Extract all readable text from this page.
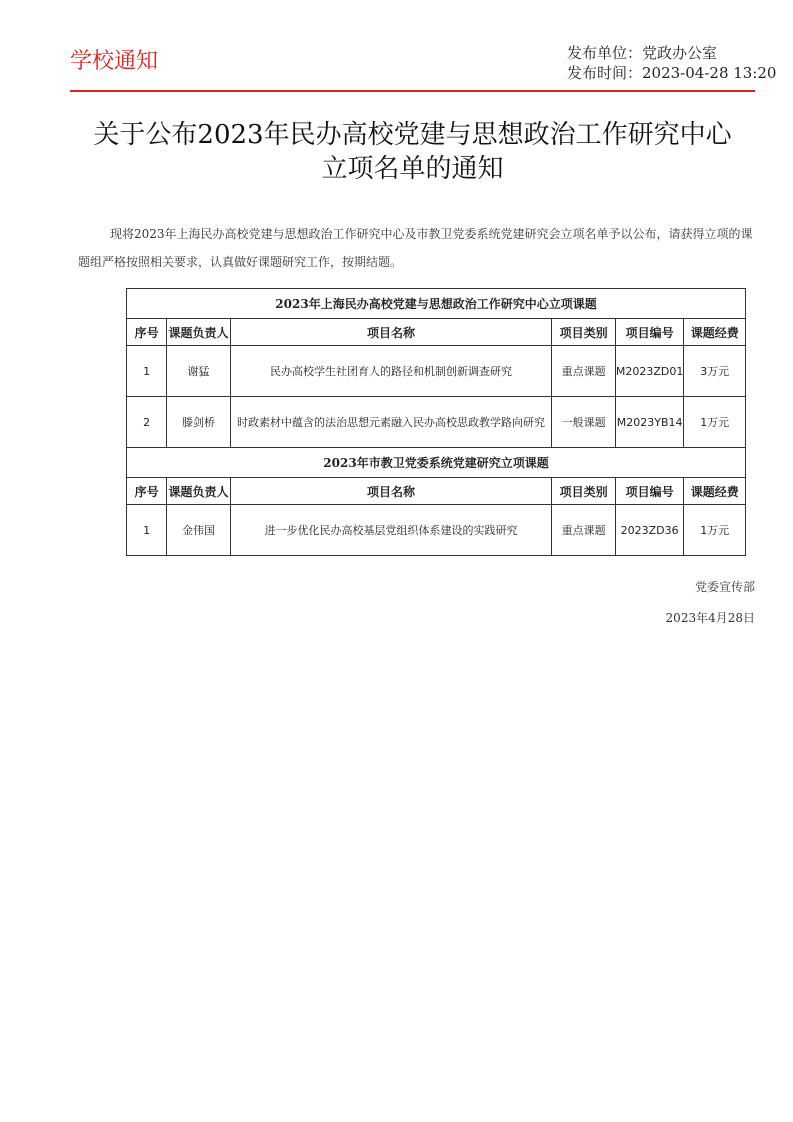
学校通知	发布单位：党政办公室
发布时间：2023-04-28 13:20
关于公布2023年民办高校党建与思想政治工作研究中心
立项名单的通知

现将2023年上海民办高校党建与思想政治工作研究中心及市教卫党委系统党建研究会立项名单予以公布，请获得立项的课题组严格按照相关要求，认真做好课题研究工作，按期结题。

2023年上海民办高校党建与思想政治工作研究中心立项课题					
序号	课题负责人	项目名称	项目类别	项目编号	课题经费
1	谢猛	民办高校学生社团育人的路径和机制创新调查研究	重点课题	M2023ZD01	3万元
2	滕剑桥	时政素材中蕴含的法治思想元素融入民办高校思政教学路向研究	一般课题	M2023YB14	1万元
2023年市教卫党委系统党建研究立项课题					
序号	课题负责人	项目名称	项目类别	项目编号	课题经费
1	金伟国	进一步优化民办高校基层党组织体系建设的实践研究	重点课题	2023ZD36	1万元
党委宣传部
2023年4月28日
